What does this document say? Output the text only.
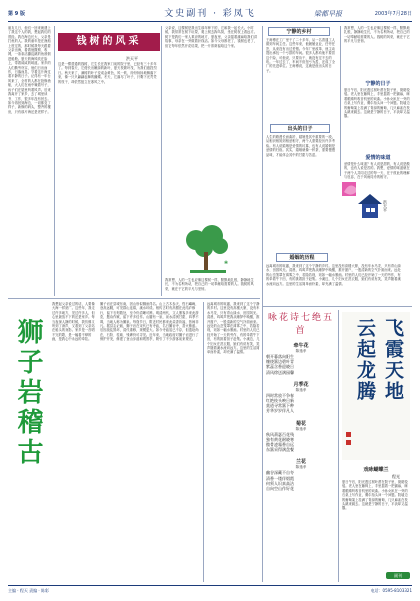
第 9 版	文史副刊 · 彩凤飞	梁都早报	2003年7月28日
朋友几日，他们一回来就遇上了我这个人的我，想起我们的曾经。我在海边长大，父亲是打鱼的人。我的童年是在渔船上度过的，那时候我每天跟着父亲出海，看着他撒网、收网，一条条活蹦乱跳的鱼被倒进船舱。夏天的海风吹在脸上，带着咸咸的味道。家乡的人们勤劳朴实，他们日出而作，日落而息，守着这片海过着平静的日子。记得有一年台风来了，全村的人都在抢修渔船，大人们在雨中喊着号子，孩子们在屋里听着风声。后来我离开了家乡，去了城里读书、工作，很多年没有回去。如今再回到海边，一切都变了样子，新修的码头，整齐的楼房，只有那片海还是老样子。
钱树的风采
洪天平
这是一棵普通的钱树，它生长在我家门前的院子里，已经有三十多年了。每到春天，它便长出嫩绿的新叶，夏天枝繁叶茂，为我们遮挡烈日。秋天来了，满树的叶子变成金黄色，风一吹，纷纷扬扬地飘落下来，像一只只翩翩起舞的蝴蝶。冬天，它落尽了叶子，只剩下光秃秃的枝干，却依然挺立在寒风之中。
父亲说，这棵树是我出生那年种下的，它和我一起长大。小时候，我常常在树下玩耍，爬上树去掏鸟窝，坐在树杈上看远方。树下是我们一家人乘凉的地方，夏夜里，父亲摇着蒲扇给我们讲故事，母亲在一旁做着针线活。如今父母都老了，钱树也老了，但它每年依然开花结果，把一片浓荫留给这个家。
❀
我常想，人的一生也应像这棵树一样，默默地扎根，静静地生长，不为名利所动，把自己的一切奉献给需要的人。钱树的风采，就在于它的平凡与坚韧。
狮子岩稽古
我想起父亲说过的话，人要像大海一样宽广。这些年，我走过许多地方，见过许多人，但心里最放不下的还是家乡。每当夜深人静的时候，我仿佛又听到了涛声，又看到了父亲站在船头的身影。家乡是一首唱不完的歌，是一幅看不够的画，是我心中永远的牵挂。
狮子岩在县城东南，因山形似狮而得名。山上古木参天，怪石嶙峋，登高远眺，可见群山连绵，溪水环绕。相传古时有高僧在此结庐修行，留下石刻数处，至今仍清晰可辨。明清两代，文人墨客多来此游览，题诗作赋，留下许多佳作。山腰有一泉，泉水清冽甘甜，四季不竭，当地人称为狮泉。每逢节日，附近村民都来此烧香祈福，热闹非凡。据县志记载，狮子岩在宋代已有寺庙，名曰狮岩寺，香火鼎盛。后因战乱毁坏，清代重修，规模更大。如今寺庙虽已不存，但遗址尚在，石阶、柱础、残碑仍可寻见。近年来，当地政府对狮子岩进行了保护开发，修建了登山步道和观景亭，吸引了不少游客前来观光。
远离城市的喧嚣，我来到了这个宁静的乡村。这里没有高楼大厦，没有车水马龙，只有青山绿水、田园风光。清晨，鸡鸣声把我从睡梦中唤醒，推开窗户，一股清新的空气扑面而来。远处的山峦笼罩在薄雾之中，若隐若现，宛如一幅水墨画。村里的人们已经开始了一天的劳作，有的牵着牛下田，有的挑着担子赶集。小溪边，几个妇女在洗衣服，她们有说有笑，笑声随着溪水流向远方。这里的生活简单而朴素，却充满了温情。
宁静的乡村
王师傅在工厂里干了二十多年，从一名普通工人做到车间主任。这些年来，他兢兢业业，任劳任怨，从来没有出过差错。今年厂里改革，他主动提出承包一个亏损的车间。很多人都劝他不要冒这个险，可他说，只要肯干，就没有过不去的坎。一年过去了，车间不但扭亏为盈，还成了全厂的先进单位。王师傅说，这就是他出头的日子。
出头的日子
人生的路漫长而曲折，婚姻是其中重要的一段。从相识相知到相爱相守，两个人需要经历许多考验。有人说婚姻是爱情的坟墓，也有人说婚姻是爱情的归宿。其实，婚姻就像一杯茶，需要慢慢品味，才能体会其中的甘甜与苦涩。
洪天平
婚姻的历程
远离城市的喧嚣，我来到了这个宁静的乡村。这里没有高楼大厦，没有车水马龙，只有青山绿水、田园风光。清晨，鸡鸣声把我从睡梦中唤醒，推开窗户，一股清新的空气扑面而来。远处的山峦笼罩在薄雾之中，若隐若现，宛如一幅水墨画。村里的人们已经开始了一天的劳作，有的牵着牛下田，有的挑着担子赶集。小溪边，几个妇女在洗衣服，她们有说有笑，笑声随着溪水流向远方。这里的生活简单而朴素，却充满了温情。
我常想，人的一生也应像这棵树一样，默默地扎根，静静地生长，不为名利所动，把自己的一切奉献给需要的人。钱树的风采，就在于它的平凡与坚韧。
宁静的日子
夏日午后，阳光透过树叶洒在院子里，斑斑驳驳。老人坐在藤椅上，手里摇着一把蒲扇，眯着眼睛听收音机里的戏曲。小孙女趴在一旁的石桌上写作业，偶尔抬头问一个问题。院墙边的葡萄架上挂满了青绿的葡萄，几只麻雀在枝头跳来跳去。这就是宁静的日子，平淡却又温馨。
爱情的味道
爱情是什么味道？有人说是甜的，有人说是酸的，也有人说是苦的。我想，爱情的味道就在于两个人共同走过的每一天，在于彼此的理解与包容，在于风雨同舟的相守。
咏花诗七绝五首
牵牛花
陈逸孝
朝开暮落向阳生
缠绕篱边碧叶青
紫蕊含香迎晓日
清风徐送满园馨
月季花
陈逸孝
四时常放不争春
红艳枝头映日新
莫道寻常篱下种
芳华岁岁伴凡人
菊花
陈逸孝
秋风萧瑟百花残
独有黄花耐晓寒
傲骨凌霜香自远
东篱采得满盘餐
兰花
陈逸孝
幽谷深藏不自夸
清香一缕伴烟霞
何须人识真高洁
自向空山作好花
飞霞天地
云起龙腾
戏咏蝴蝶兰
程光
夏日午后，阳光透过树叶洒在院子里，斑斑驳驳。老人坐在藤椅上，手里摇着一把蒲扇，眯着眼睛听收音机里的戏曲。小孙女趴在一旁的石桌上写作业，偶尔抬头问一个问题。院墙边的葡萄架上挂满了青绿的葡萄，几只麻雀在枝头跳来跳去。这就是宁静的日子，平淡却又温馨。
副刊
主编 · 程天 责编 · 陈彩	电话：0595-8103321
